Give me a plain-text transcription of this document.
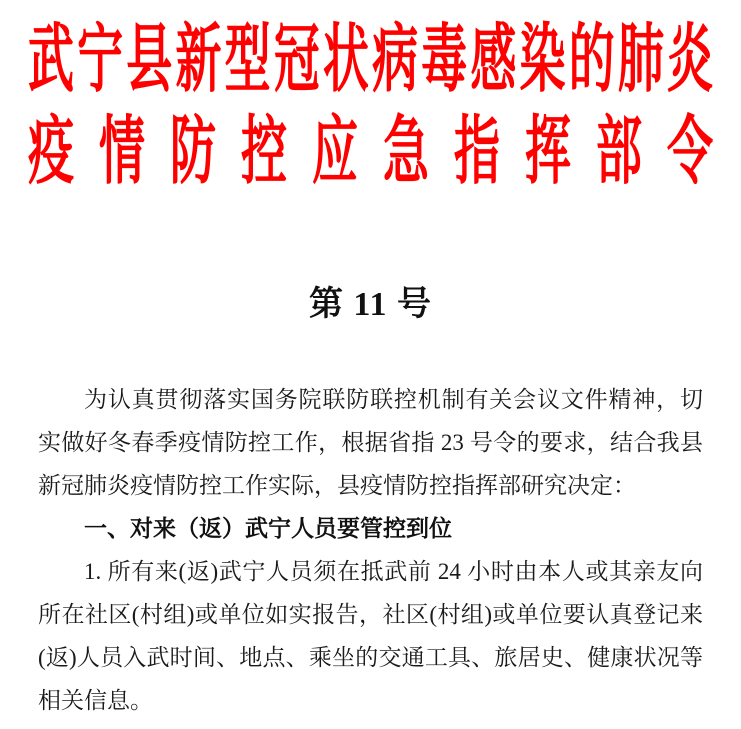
武宁县新型冠状病毒感染的肺炎
疫情防控应急指挥部令
第 11 号

为认真贯彻落实国务院联防联控机制有关会议文件精神，切实做好冬春季疫情防控工作，根据省指 23 号令的要求，结合我县新冠肺炎疫情防控工作实际，县疫情防控指挥部研究决定：

一、对来（返）武宁人员要管控到位

1. 所有来(返)武宁人员须在抵武前 24 小时由本人或其亲友向所在社区(村组)或单位如实报告，社区(村组)或单位要认真登记来(返)人员入武时间、地点、乘坐的交通工具、旅居史、健康状况等相关信息。
